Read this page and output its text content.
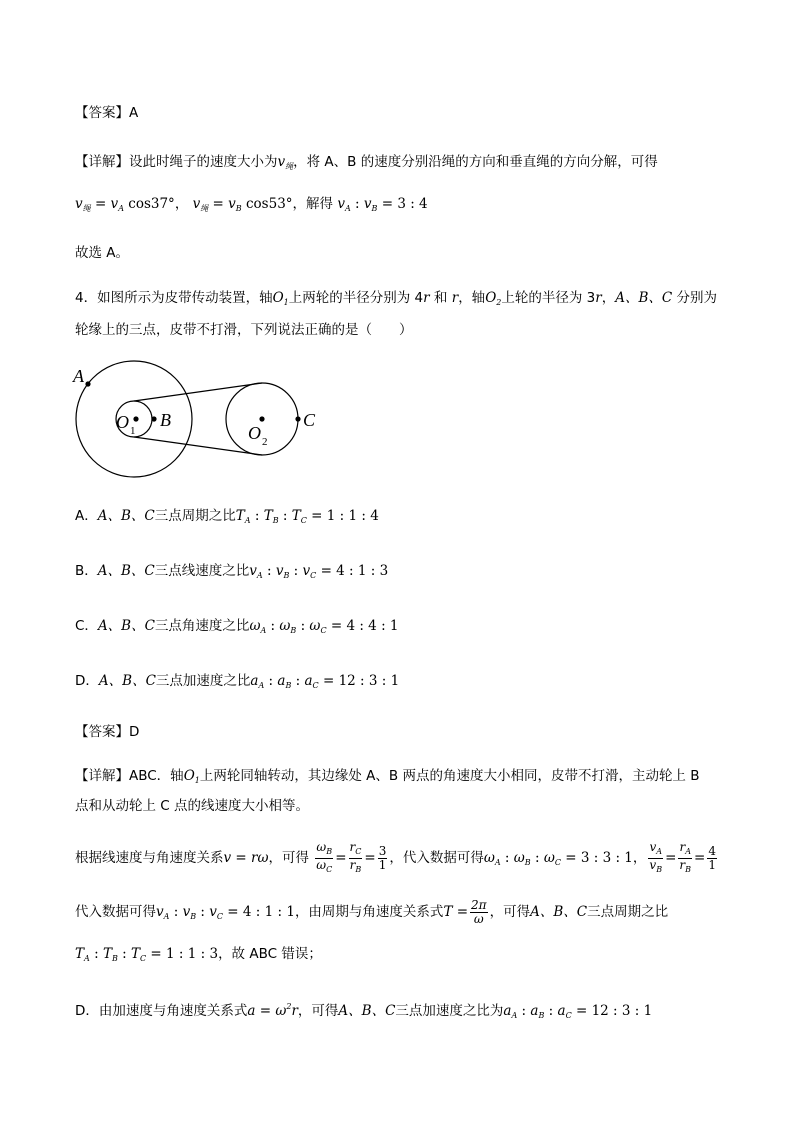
【答案】A
【详解】设此时绳子的速度大小为$v_绳$，将 A、B 的速度分别沿绳的方向和垂直绳的方向分解，可得
$v_绳 = v_A$ cos37°， $v_绳 = v_B$ cos53°，解得 $v_A$ : $v_B = 3$ : 4
故选 A。
4．如图所示为皮带传动装置，轴$O_1$上两轮的半径分别为 4r 和 r，轴$O_2$上轮的半径为 3r，A、B、C 分别为
轮缘上的三点，皮带不打滑，下列说法正确的是（　　）
A
B	C
O 1	O 2
A．A、B、C三点周期之比$T_A$ : $T_B$ : $T_C = 1$ : 1 : 4
B．A、B、C三点线速度之比$v_A$ : $v_B$ : $v_C = 4$ : 1 : 3
C．A、B、C三点角速度之比$\omega_A$ : $\omega_B$ : $\omega_C = 4$ : 4 : 1
D．A、B、C三点加速度之比$a_A$ : $a_B$ : $a_C = 12$ : 3 : 1
【答案】D
【详解】ABC．轴$O_1$上两轮同轴转动，其边缘处 A、B 两点的角速度大小相同，皮带不打滑，主动轮上 B
点和从动轮上 C 点的线速度大小相等。
根据线速度与角速度关系v = rω，可得 $\frac{\omega_B}{\omega_C} = \frac{r_C}{r_B} = \frac{3}{1}$ ，代入数据可得$\omega_A$ : $\omega_B$ : $\omega_C = 3$ : 3 : 1， $\frac{v_A}{v_B} = \frac{r_A}{r_B} = \frac{4}{1}$
代入数据可得$v_A$ : $v_B$ : $v_C = 4$ : 1 : 1，由周期与角速度关系式$T = \frac{2\pi}{\omega}$ ，可得A、B、C三点周期之比
$T_A$ : $T_B$ : $T_C = 1$ : 1 : 3，故 ABC 错误；
D．由加速度与角速度关系式$a = \omega^2r$，可得A、B、C三点加速度之比为$a_A$ : $a_B$ : $a_C = 12$ : 3 : 1
